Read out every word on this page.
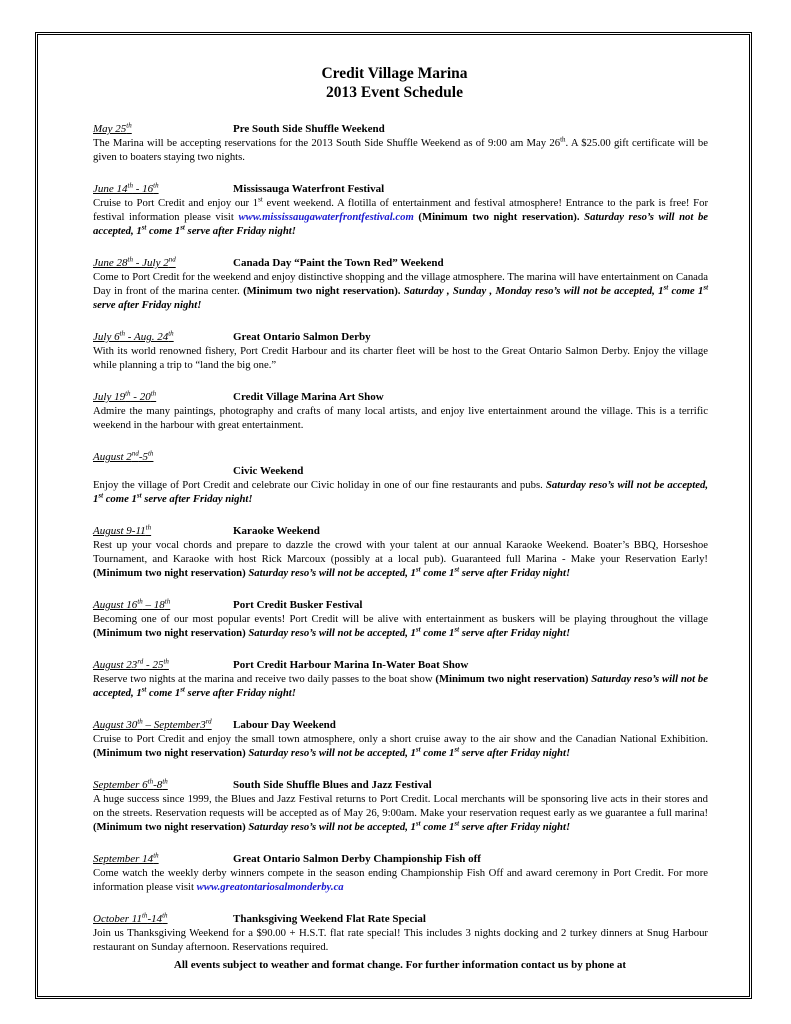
Credit Village Marina
2013 Event Schedule
May 25th	Pre South Side Shuffle Weekend
The Marina will be accepting reservations for the 2013 South Side Shuffle Weekend as of 9:00 am May 26th. A $25.00 gift certificate will be given to boaters staying two nights.
June 14th - 16th	Mississauga Waterfront Festival
Cruise to Port Credit and enjoy our 1st event weekend. A flotilla of entertainment and festival atmosphere! Entrance to the park is free! For festival information please visit www.mississaugawaterfrontfestival.com (Minimum two night reservation). Saturday reso’s will not be accepted, 1st come 1st serve after Friday night!
June 28th - July 2nd	Canada Day “Paint the Town Red” Weekend
Come to Port Credit for the weekend and enjoy distinctive shopping and the village atmosphere. The marina will have entertainment on Canada Day in front of the marina center. (Minimum two night reservation). Saturday , Sunday , Monday reso’s will not be accepted, 1st come 1st serve after Friday night!
July 6th - Aug. 24th	Great Ontario Salmon Derby
With its world renowned fishery, Port Credit Harbour and its charter fleet will be host to the Great Ontario Salmon Derby. Enjoy the village while planning a trip to “land the big one.”
July 19th - 20th	Credit Village Marina Art Show
Admire the many paintings, photography and crafts of many local artists, and enjoy live entertainment around the village. This is a terrific weekend in the harbour with great entertainment.
August 2nd-5th
Civic Weekend
Enjoy the village of Port Credit and celebrate our Civic holiday in one of our fine restaurants and pubs. Saturday reso’s will not be accepted, 1st come 1st serve after Friday night!
August 9-11th	Karaoke Weekend
Rest up your vocal chords and prepare to dazzle the crowd with your talent at our annual Karaoke Weekend. Boater’s BBQ, Horseshoe Tournament, and Karaoke with host Rick Marcoux (possibly at a local pub). Guaranteed full Marina - Make your Reservation Early! (Minimum two night reservation) Saturday reso’s will not be accepted, 1st come 1st serve after Friday night!
August 16th – 18th	Port Credit Busker Festival
Becoming one of our most popular events! Port Credit will be alive with entertainment as buskers will be playing throughout the village (Minimum two night reservation) Saturday reso’s will not be accepted, 1st come 1st serve after Friday night!
August 23rd - 25th	Port Credit Harbour Marina In-Water Boat Show
Reserve two nights at the marina and receive two daily passes to the boat show (Minimum two night reservation) Saturday reso’s will not be accepted, 1st come 1st serve after Friday night!
August 30th – September3rd Labour Day Weekend
Cruise to Port Credit and enjoy the small town atmosphere, only a short cruise away to the air show and the Canadian National Exhibition. (Minimum two night reservation) Saturday reso’s will not be accepted, 1st come 1st serve after Friday night!
September 6th-8th	South Side Shuffle Blues and Jazz Festival
A huge success since 1999, the Blues and Jazz Festival returns to Port Credit. Local merchants will be sponsoring live acts in their stores and on the streets. Reservation requests will be accepted as of May 26, 9:00am. Make your reservation request early as we guarantee a full marina! (Minimum two night reservation) Saturday reso’s will not be accepted, 1st come 1st serve after Friday night!
September 14th	Great Ontario Salmon Derby Championship Fish off
Come watch the weekly derby winners compete in the season ending Championship Fish Off and award ceremony in Port Credit. For more information please visit www.greatontariosalmonderby.ca
October 11th-14th	Thanksgiving Weekend Flat Rate Special
Join us Thanksgiving Weekend for a $90.00 + H.S.T. flat rate special! This includes 3 nights docking and 2 turkey dinners at Snug Harbour restaurant on Sunday afternoon. Reservations required.
All events subject to weather and format change. For further information contact us by phone at
